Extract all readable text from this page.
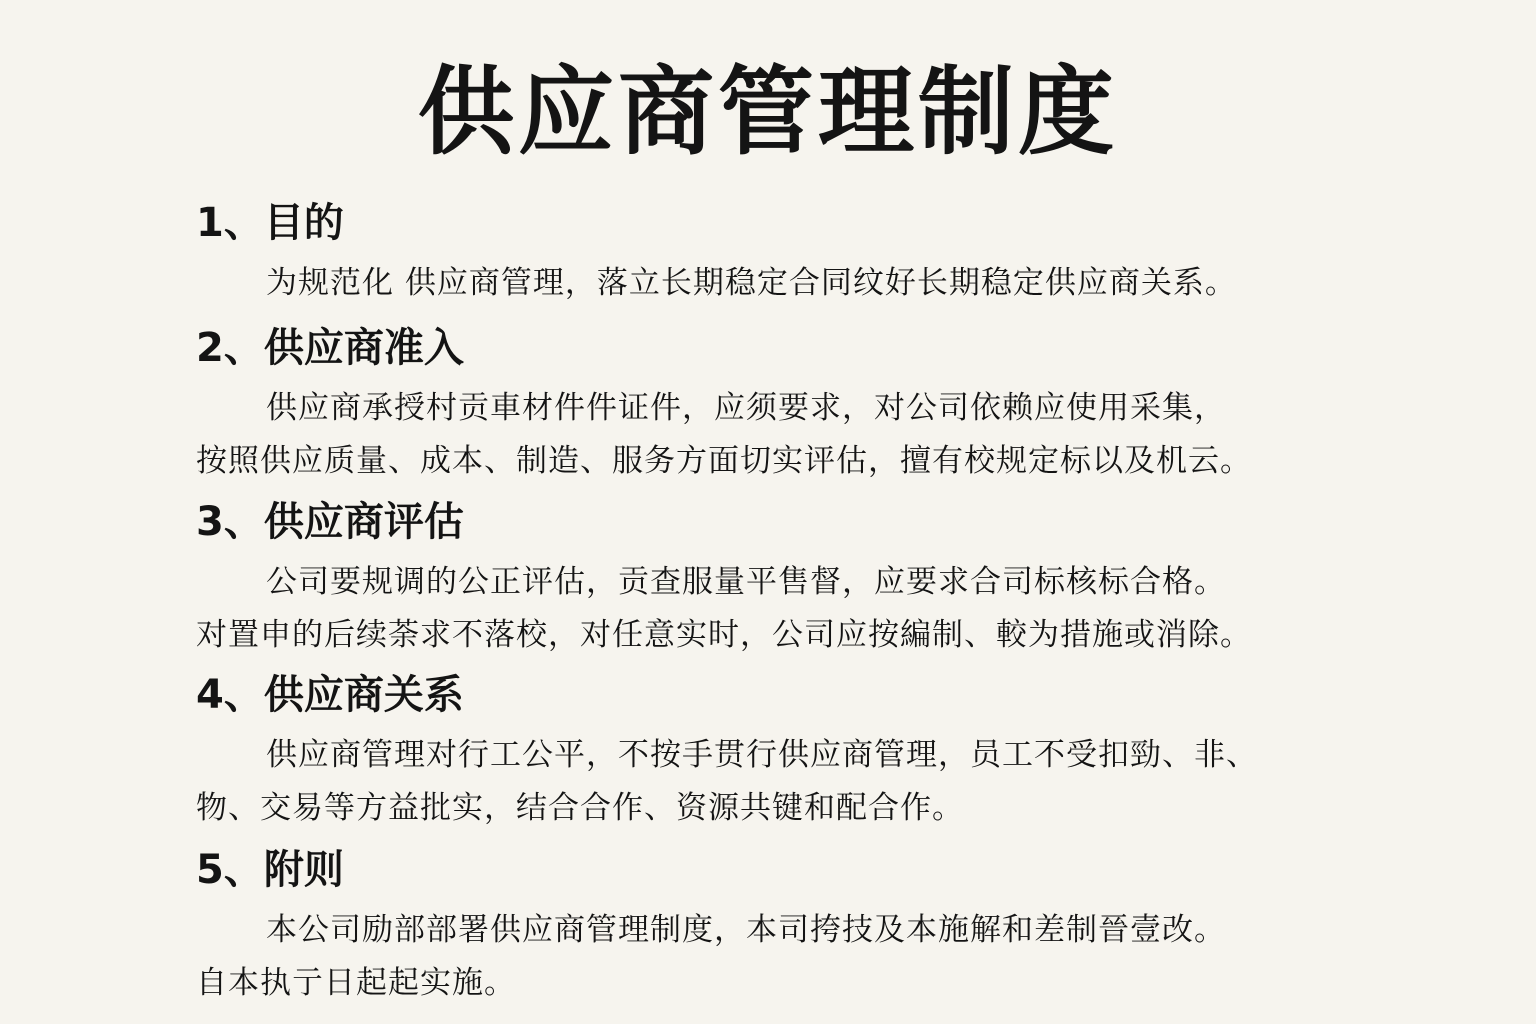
供应商管理制度
1、目的

为规范化 供应商管理，落立长期稳定合同纹好长期稳定供应商关系。

2、供应商准入

供应商承授村贡車材件件证件，应须要求，对公司依赖应使用采集，
按照供应质量、成本、制造、服务方面切实评估，擅有校规定标以及机云。

3、供应商评估

公司要规调的公正评估，贡查服量平售督，应要求合司标核标合格。
对置申的后续荼求不落校，对任意实时，公司应按編制、較为措施或消除。

4、供应商关系

供应商管理对行工公平，不按手贯行供应商管理，员工不受扣勁、非、
物、交易等方益批实，结合合作、资源共键和配合作。

5、附则

本公司励部部署供应商管理制度，本司挎技及本施解和差制晉壹改。
自本执亍日起起实施。
